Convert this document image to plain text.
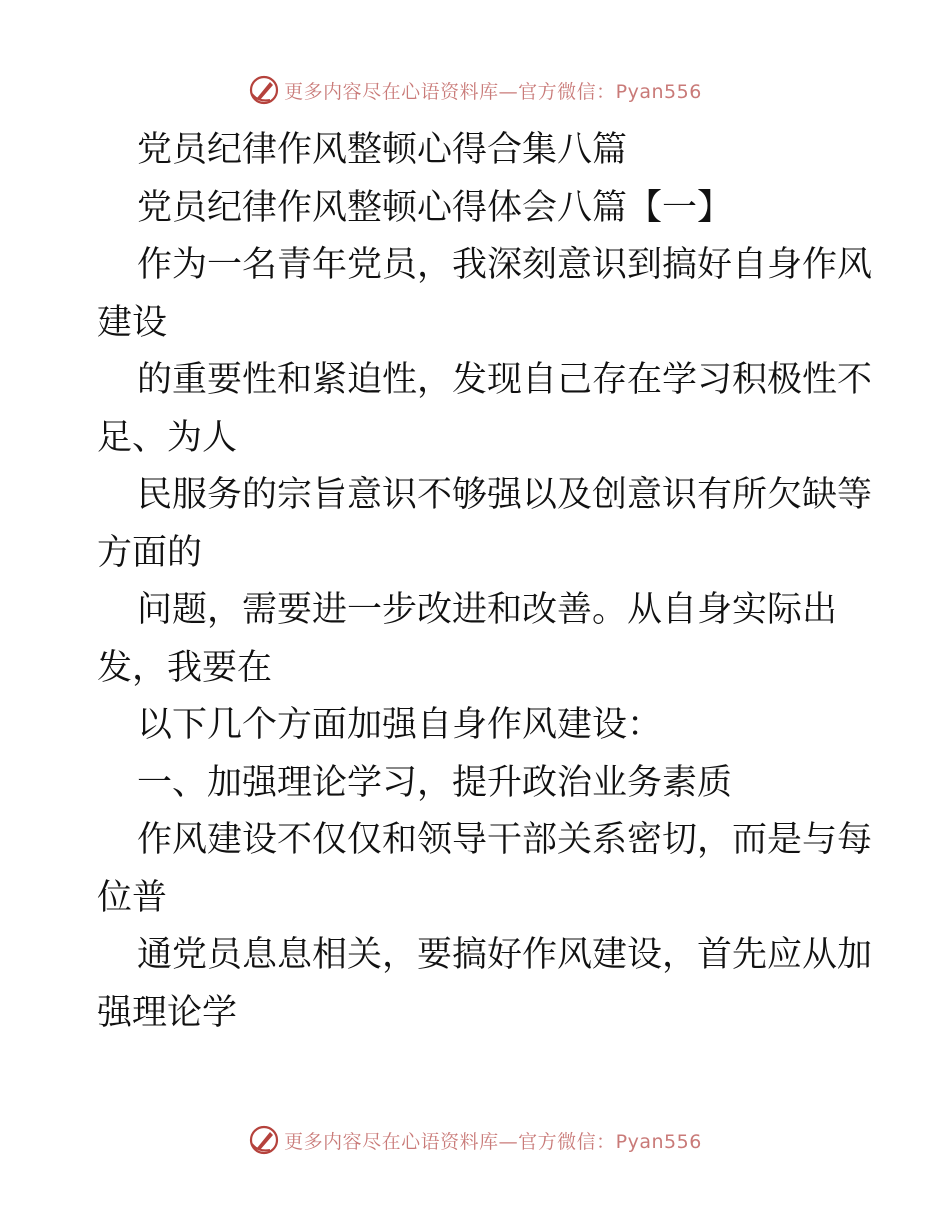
更多内容尽在心语资料库—官方微信：Pyan556
党员纪律作风整顿心得合集八篇
党员纪律作风整顿心得体会八篇【一】
作为一名青年党员，我深刻意识到搞好自身作风
建设
的重要性和紧迫性，发现自己存在学习积极性不
足、为人
民服务的宗旨意识不够强以及创意识有所欠缺等
方面的
问题，需要进一步改进和改善。从自身实际出
发，我要在
以下几个方面加强自身作风建设：
一、加强理论学习，提升政治业务素质
作风建设不仅仅和领导干部关系密切，而是与每
位普
通党员息息相关，要搞好作风建设，首先应从加
强理论学
更多内容尽在心语资料库—官方微信：Pyan556
